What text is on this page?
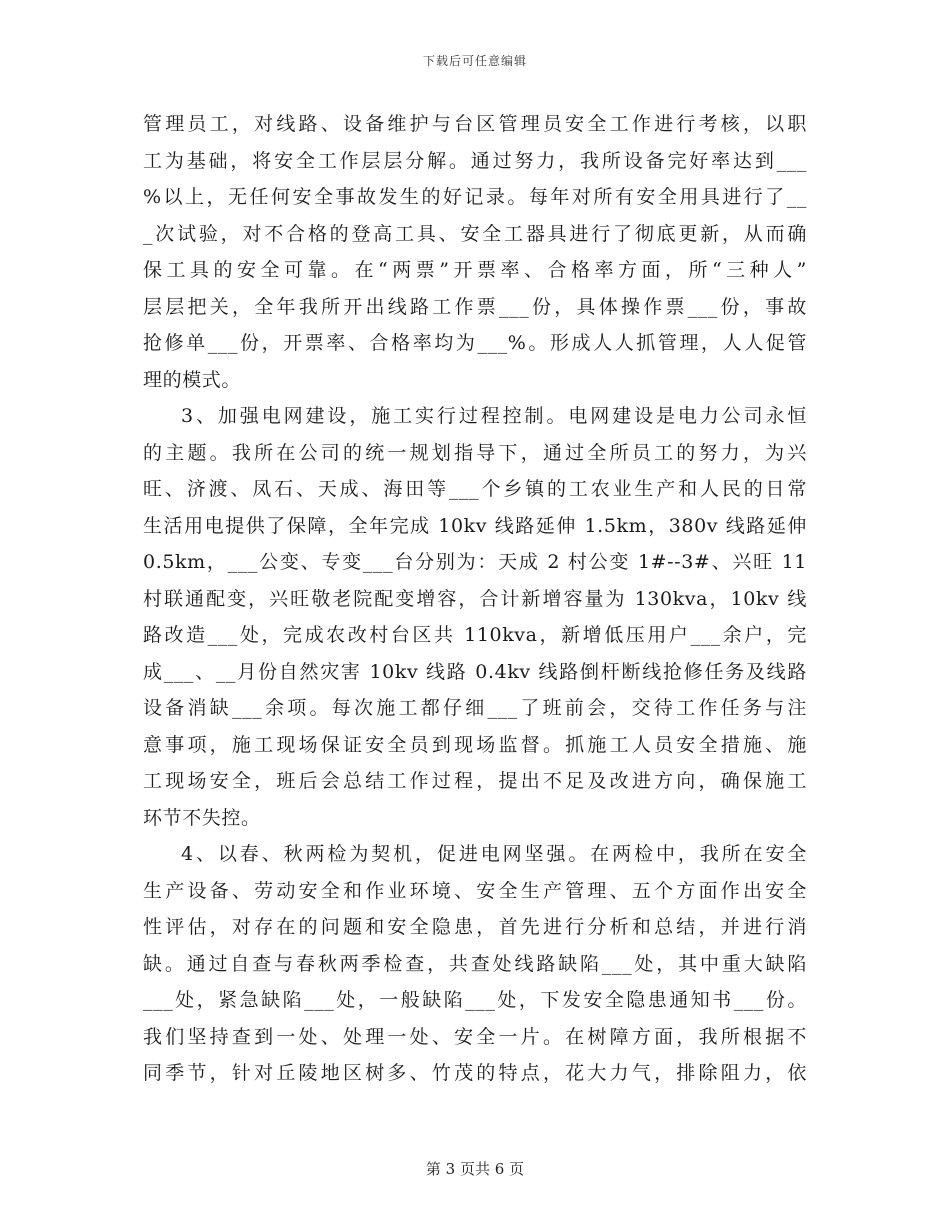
下载后可任意编辑
管理员工，对线路、设备维护与台区管理员安全工作进行考核，以职
工为基础，将安全工作层层分解。通过努力，我所设备完好率达到___
%以上，无任何安全事故发生的好记录。每年对所有安全用具进行了__
_次试验，对不合格的登高工具、安全工器具进行了彻底更新，从而确
保工具的安全可靠。在“两票”开票率、合格率方面，所“三种人”
层层把关，全年我所开出线路工作票___份，具体操作票___份，事故
抢修单___份，开票率、合格率均为___%。形成人人抓管理，人人促管
理的模式。
3、加强电网建设，施工实行过程控制。电网建设是电力公司永恒
的主题。我所在公司的统一规划指导下，通过全所员工的努力，为兴
旺、济渡、凤石、天成、海田等___个乡镇的工农业生产和人民的日常
生活用电提供了保障，全年完成 10kv 线路延伸 1.5km，380v 线路延伸
0.5km，___公变、专变___台分别为：天成 2 村公变 1#--3#、兴旺 11
村联通配变，兴旺敬老院配变增容，合计新增容量为 130kva，10kv 线
路改造___处，完成农改村台区共 110kva，新增低压用户___余户，完
成___、__月份自然灾害 10kv 线路 0.4kv 线路倒杆断线抢修任务及线路
设备消缺___余项。每次施工都仔细___了班前会，交待工作任务与注
意事项，施工现场保证安全员到现场监督。抓施工人员安全措施、施
工现场安全，班后会总结工作过程，提出不足及改进方向，确保施工
环节不失控。
4、以春、秋两检为契机，促进电网坚强。在两检中，我所在安全
生产设备、劳动安全和作业环境、安全生产管理、五个方面作出安全
性评估，对存在的问题和安全隐患，首先进行分析和总结，并进行消
缺。通过自查与春秋两季检查，共查处线路缺陷___处，其中重大缺陷
___处，紧急缺陷___处，一般缺陷___处，下发安全隐患通知书___份。
我们坚持查到一处、处理一处、安全一片。在树障方面，我所根据不
同季节，针对丘陵地区树多、竹茂的特点，花大力气，排除阻力，依
第 3 页共 6 页
